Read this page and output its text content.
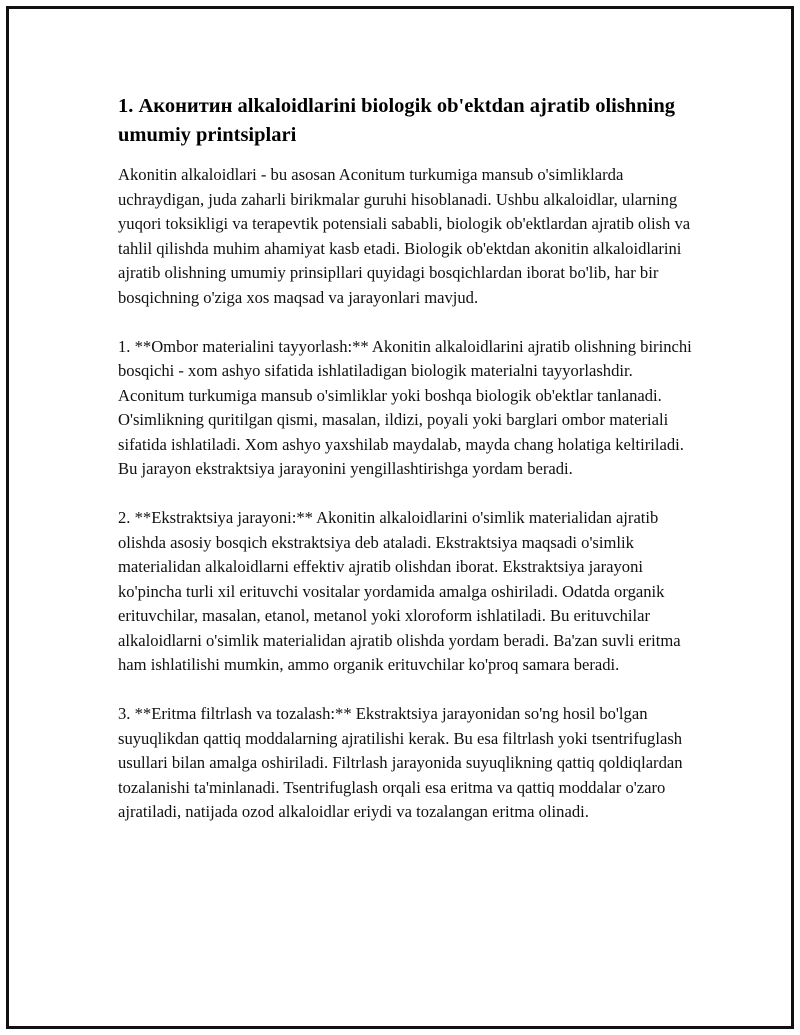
1. Аконитин alkaloidlarini biologik ob'ektdan ajratib olishning umumiy printsiplari

Akonitin alkaloidlari - bu asosan Aconitum turkumiga mansub o'simliklarda uchraydigan, juda zaharli birikmalar guruhi hisoblanadi. Ushbu alkaloidlar, ularning yuqori toksikligi va terapevtik potensiali sababli, biologik ob'ektlardan ajratib olish va tahlil qilishda muhim ahamiyat kasb etadi. Biologik ob'ektdan akonitin alkaloidlarini ajratib olishning umumiy prinsipllari quyidagi bosqichlardan iborat bo'lib, har bir bosqichning o'ziga xos maqsad va jarayonlari mavjud.

1. **Ombor materialini tayyorlash:** Akonitin alkaloidlarini ajratib olishning birinchi bosqichi - xom ashyo sifatida ishlatiladigan biologik materialni tayyorlashdir. Aconitum turkumiga mansub o'simliklar yoki boshqa biologik ob'ektlar tanlanadi. O'simlikning quritilgan qismi, masalan, ildizi, poyali yoki barglari ombor materiali sifatida ishlatiladi. Xom ashyo yaxshilab maydalab, mayda chang holatiga keltiriladi. Bu jarayon ekstraktsiya jarayonini yengillashtirishga yordam beradi.

2. **Ekstraktsiya jarayoni:** Akonitin alkaloidlarini o'simlik materialidan ajratib olishda asosiy bosqich ekstraktsiya deb ataladi. Ekstraktsiya maqsadi o'simlik materialidan alkaloidlarni effektiv ajratib olishdan iborat. Ekstraktsiya jarayoni ko'pincha turli xil erituvchi vositalar yordamida amalga oshiriladi. Odatda organik erituvchilar, masalan, etanol, metanol yoki xloroform ishlatiladi. Bu erituvchilar alkaloidlarni o'simlik materialidan ajratib olishda yordam beradi. Ba'zan suvli eritma ham ishlatilishi mumkin, ammo organik erituvchilar ko'proq samara beradi.

3. **Eritma filtrlash va tozalash:** Ekstraktsiya jarayonidan so'ng hosil bo'lgan suyuqlikdan qattiq moddalarning ajratilishi kerak. Bu esa filtrlash yoki tsentrifuglash usullari bilan amalga oshiriladi. Filtrlash jarayonida suyuqlikning qattiq qoldiqlardan tozalanishi ta'minlanadi. Tsentrifuglash orqali esa eritma va qattiq moddalar o'zaro ajratiladi, natijada ozod alkaloidlar eriydi va tozalangan eritma olinadi.
